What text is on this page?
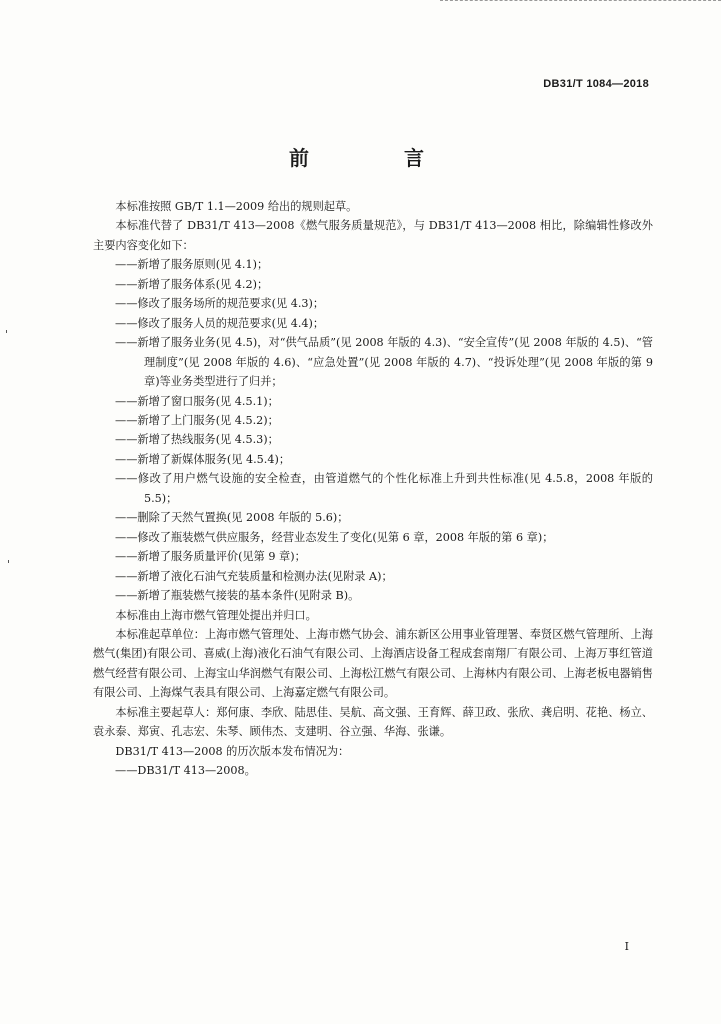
DB31/T 1084—2018
前 言

本标准按照 GB/T 1.1—2009 给出的规则起草。

本标准代替了 DB31/T 413—2008《燃气服务质量规范》，与 DB31/T 413—2008 相比，除编辑性修改外主要内容变化如下：

——新增了服务原则(见 4.1)；

——新增了服务体系(见 4.2)；

——修改了服务场所的规范要求(见 4.3)；

——修改了服务人员的规范要求(见 4.4)；

——新增了服务业务(见 4.5)，对“供气品质”(见 2008 年版的 4.3)、“安全宣传”(见 2008 年版的 4.5)、“管理制度”(见 2008 年版的 4.6)、“应急处置”(见 2008 年版的 4.7)、“投诉处理”(见 2008 年版的第 9 章)等业务类型进行了归并；

——新增了窗口服务(见 4.5.1)；

——新增了上门服务(见 4.5.2)；

——新增了热线服务(见 4.5.3)；

——新增了新媒体服务(见 4.5.4)；

——修改了用户燃气设施的安全检查，由管道燃气的个性化标准上升到共性标准(见 4.5.8，2008 年版的 5.5)；

——删除了天然气置换(见 2008 年版的 5.6)；

——修改了瓶装燃气供应服务，经营业态发生了变化(见第 6 章，2008 年版的第 6 章)；

——新增了服务质量评价(见第 9 章)；

——新增了液化石油气充装质量和检测办法(见附录 A)；

——新增了瓶装燃气接装的基本条件(见附录 B)。

本标准由上海市燃气管理处提出并归口。

本标准起草单位：上海市燃气管理处、上海市燃气协会、浦东新区公用事业管理署、奉贤区燃气管理所、上海燃气(集团)有限公司、喜威(上海)液化石油气有限公司、上海酒店设备工程成套南翔厂有限公司、上海万事红管道燃气经营有限公司、上海宝山华润燃气有限公司、上海松江燃气有限公司、上海林内有限公司、上海老板电器销售有限公司、上海煤气表具有限公司、上海嘉定燃气有限公司。

本标准主要起草人：郑何康、李欣、陆思佳、吴航、高文强、王育辉、薛卫政、张欣、龚启明、花艳、杨立、袁永泰、郑寅、孔志宏、朱琴、顾伟杰、支建明、谷立强、华海、张谦。

DB31/T 413—2008 的历次版本发布情况为：

——DB31/T 413—2008。

I
